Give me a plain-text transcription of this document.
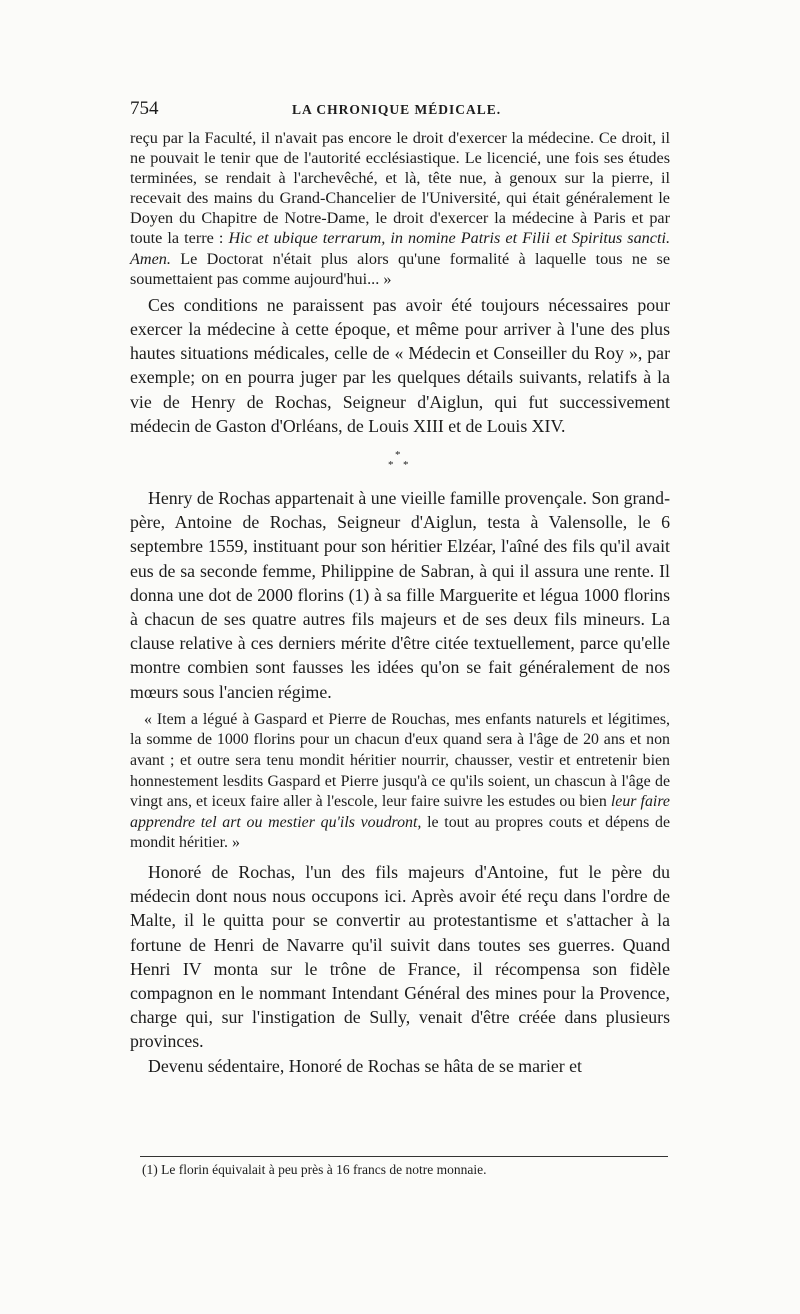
754	LA CHRONIQUE MÉDICALE.

reçu par la Faculté, il n'avait pas encore le droit d'exercer la médecine. Ce droit, il ne pouvait le tenir que de l'autorité ecclésiastique. Le licencié, une fois ses études terminées, se rendait à l'archevêché, et là, tête nue, à genoux sur la pierre, il recevait des mains du Grand-Chancelier de l'Université, qui était généralement le Doyen du Chapitre de Notre-Dame, le droit d'exercer la médecine à Paris et par toute la terre : Hic et ubique terrarum, in nomine Patris et Filii et Spiritus sancti. Amen. Le Doctorat n'était plus alors qu'une formalité à laquelle tous ne se soumettaient pas comme aujourd'hui... »

Ces conditions ne paraissent pas avoir été toujours nécessaires pour exercer la médecine à cette époque, et même pour arriver à l'une des plus hautes situations médicales, celle de « Médecin et Conseiller du Roy », par exemple; on en pourra juger par les quelques détails suivants, relatifs à la vie de Henry de Rochas, Seigneur d'Aiglun, qui fut successivement médecin de Gaston d'Orléans, de Louis XIII et de Louis XIV.

*
* *

Henry de Rochas appartenait à une vieille famille provençale. Son grand-père, Antoine de Rochas, Seigneur d'Aiglun, testa à Valensolle, le 6 septembre 1559, instituant pour son héritier Elzéar, l'aîné des fils qu'il avait eus de sa seconde femme, Philippine de Sabran, à qui il assura une rente. Il donna une dot de 2000 florins (1) à sa fille Marguerite et légua 1000 florins à chacun de ses quatre autres fils majeurs et de ses deux fils mineurs. La clause relative à ces derniers mérite d'être citée textuellement, parce qu'elle montre combien sont fausses les idées qu'on se fait généralement de nos mœurs sous l'ancien régime.

« Item a légué à Gaspard et Pierre de Rouchas, mes enfants naturels et légitimes, la somme de 1000 florins pour un chacun d'eux quand sera à l'âge de 20 ans et non avant ; et outre sera tenu mondit héritier nourrir, chausser, vestir et entretenir bien honnestement lesdits Gaspard et Pierre jusqu'à ce qu'ils soient, un chascun à l'âge de vingt ans, et iceux faire aller à l'escole, leur faire suivre les estudes ou bien leur faire apprendre tel art ou mestier qu'ils voudront, le tout au propres couts et dépens de mondit héritier. »

Honoré de Rochas, l'un des fils majeurs d'Antoine, fut le père du médecin dont nous nous occupons ici. Après avoir été reçu dans l'ordre de Malte, il le quitta pour se convertir au protestantisme et s'attacher à la fortune de Henri de Navarre qu'il suivit dans toutes ses guerres. Quand Henri IV monta sur le trône de France, il récompensa son fidèle compagnon en le nommant Intendant Général des mines pour la Provence, charge qui, sur l'instigation de Sully, venait d'être créée dans plusieurs provinces.

Devenu sédentaire, Honoré de Rochas se hâta de se marier et

(1) Le florin équivalait à peu près à 16 francs de notre monnaie.
